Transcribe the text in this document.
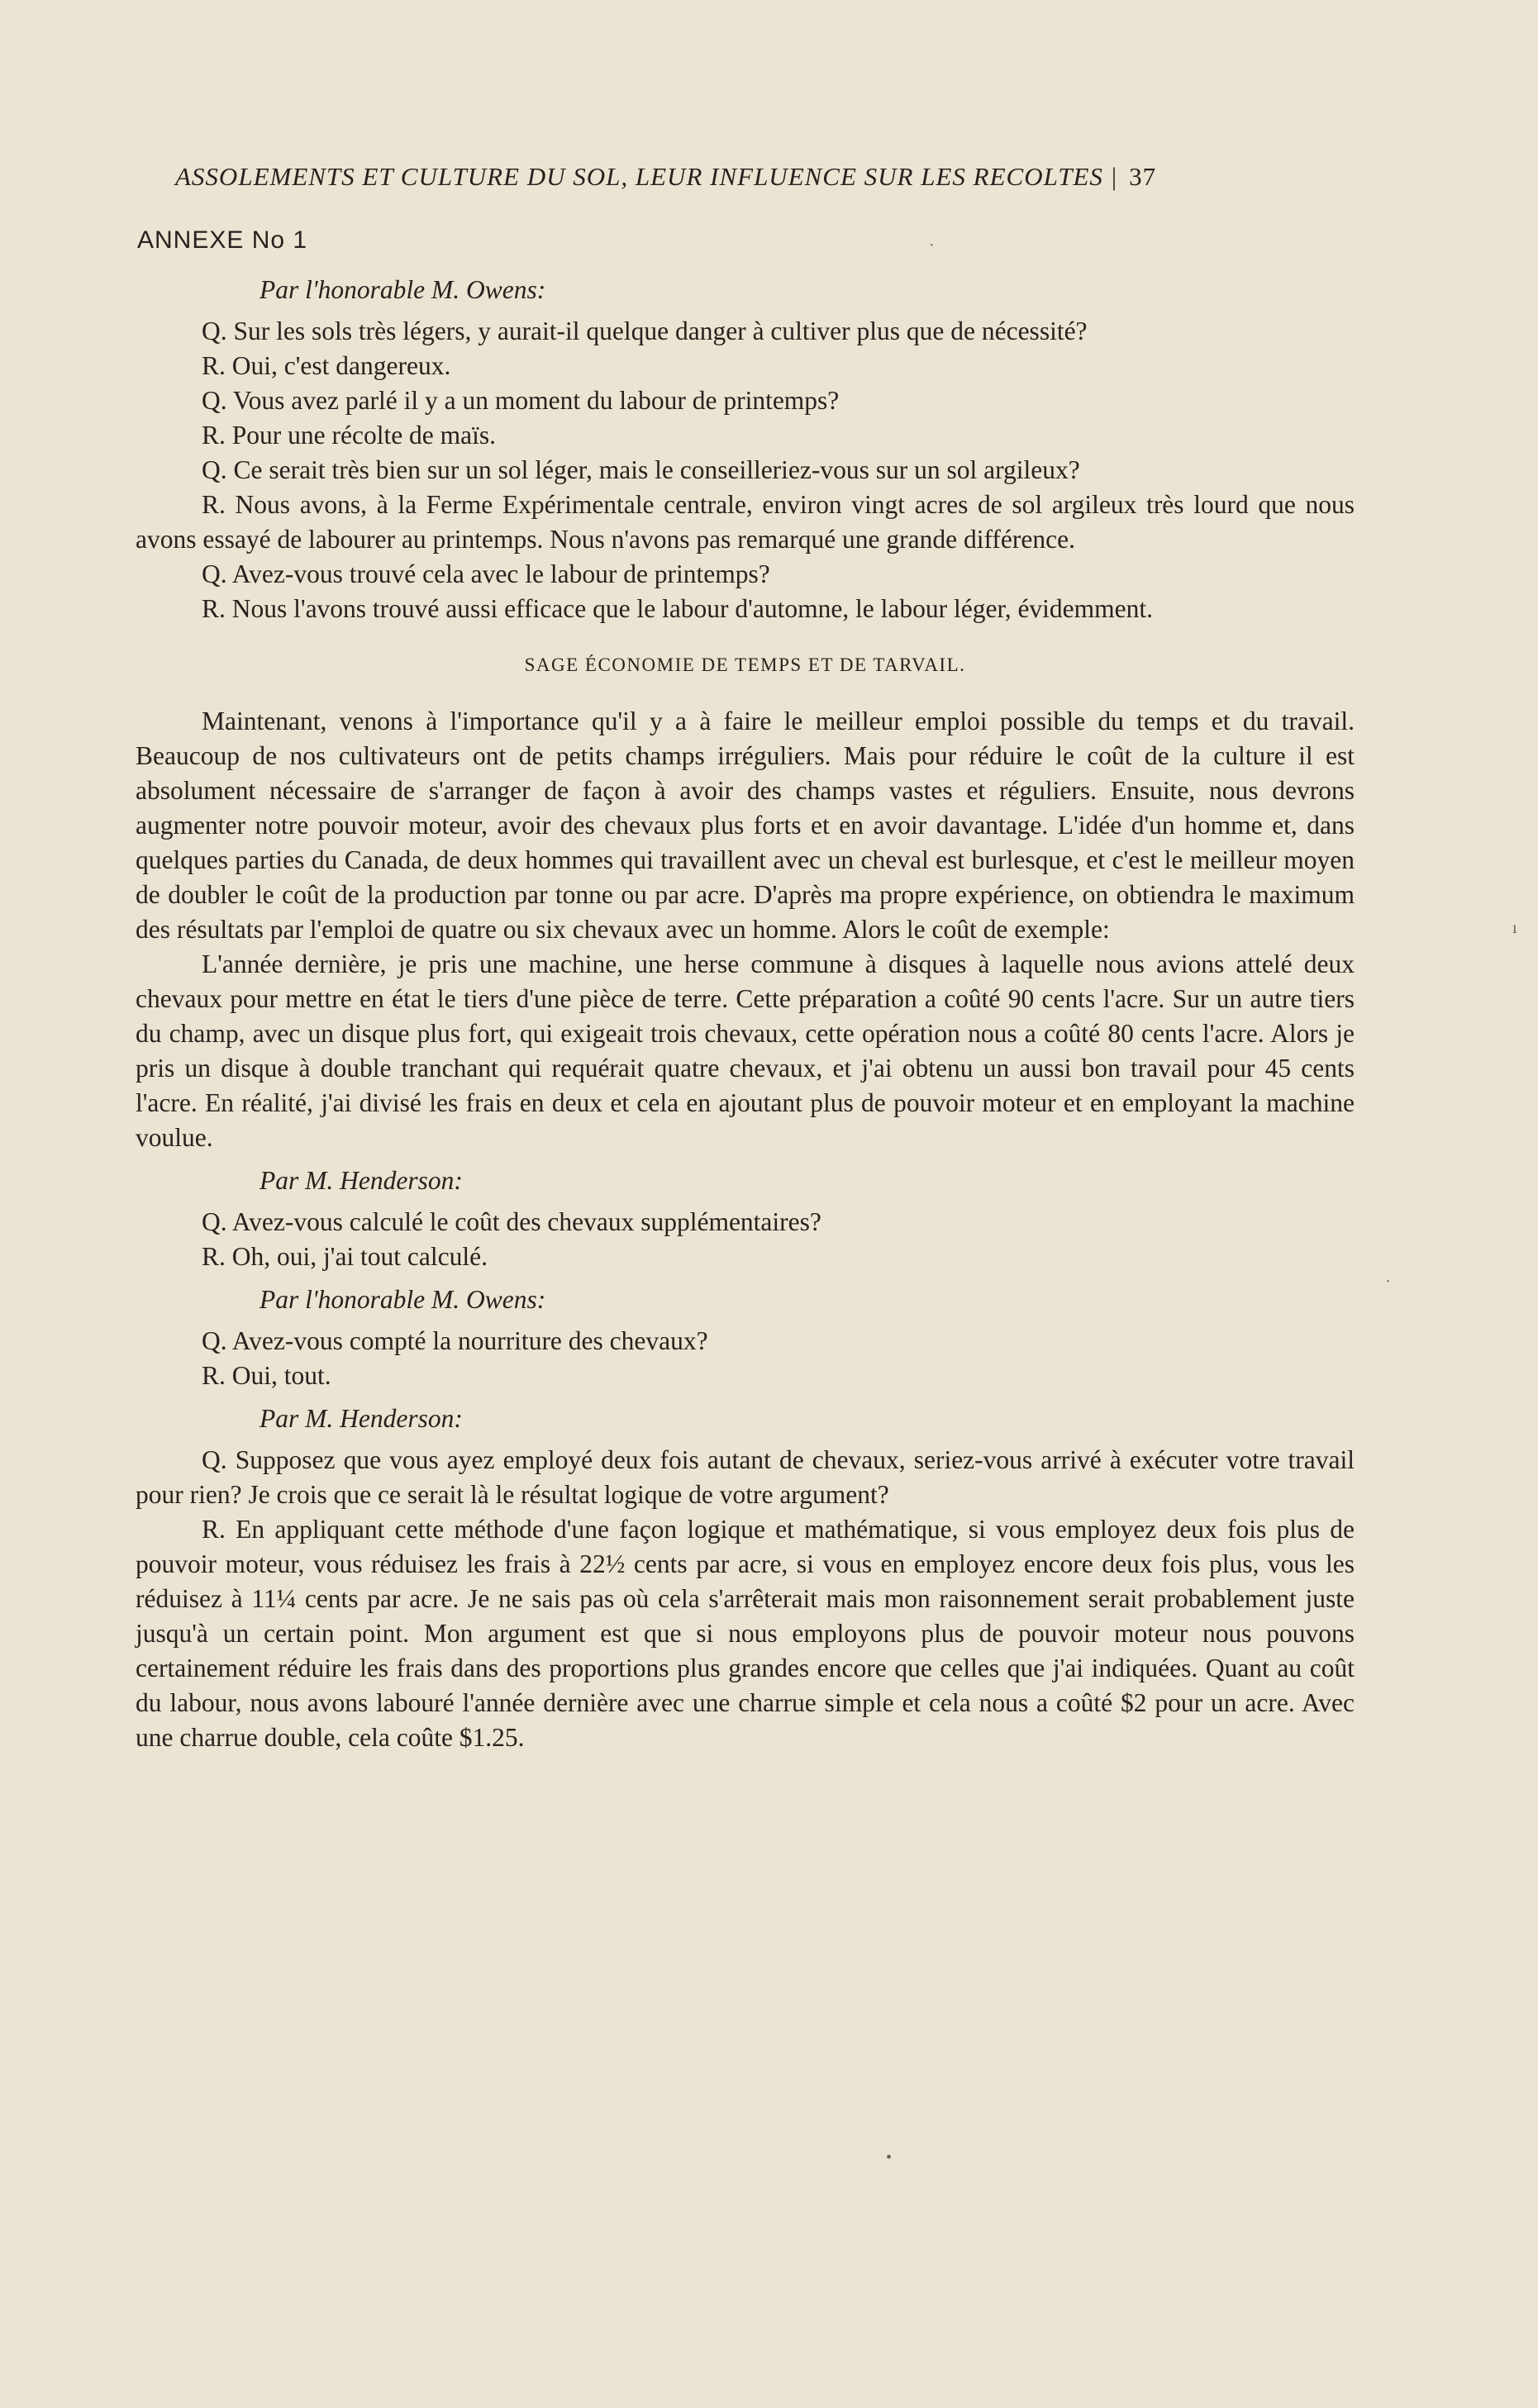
ASSOLEMENTS ET CULTURE DU SOL, LEUR INFLUENCE SUR LES RECOLTES | 37
ANNEXE No 1

Par l'honorable M. Owens:

Q. Sur les sols très légers, y aurait-il quelque danger à cultiver plus que de nécessité?

R. Oui, c'est dangereux.

Q. Vous avez parlé il y a un moment du labour de printemps?

R. Pour une récolte de maïs.

Q. Ce serait très bien sur un sol léger, mais le conseilleriez-vous sur un sol argileux?

R. Nous avons, à la Ferme Expérimentale centrale, environ vingt acres de sol argileux très lourd que nous avons essayé de labourer au printemps. Nous n'avons pas remarqué une grande différence.

Q. Avez-vous trouvé cela avec le labour de printemps?

R. Nous l'avons trouvé aussi efficace que le labour d'automne, le labour léger, évidemment.

SAGE ÉCONOMIE DE TEMPS ET DE TARVAIL.

Maintenant, venons à l'importance qu'il y a à faire le meilleur emploi possible du temps et du travail. Beaucoup de nos cultivateurs ont de petits champs irréguliers. Mais pour réduire le coût de la culture il est absolument nécessaire de s'arranger de façon à avoir des champs vastes et réguliers. Ensuite, nous devrons augmenter notre pouvoir moteur, avoir des chevaux plus forts et en avoir davantage. L'idée d'un homme et, dans quelques parties du Canada, de deux hommes qui travaillent avec un cheval est burlesque, et c'est le meilleur moyen de doubler le coût de la production par tonne ou par acre. D'après ma propre expérience, on obtiendra le maximum des résultats par l'emploi de quatre ou six chevaux avec un homme. Alors le coût de exemple:

L'année dernière, je pris une machine, une herse commune à disques à laquelle nous avions attelé deux chevaux pour mettre en état le tiers d'une pièce de terre. Cette préparation a coûté 90 cents l'acre. Sur un autre tiers du champ, avec un disque plus fort, qui exigeait trois chevaux, cette opération nous a coûté 80 cents l'acre. Alors je pris un disque à double tranchant qui requérait quatre chevaux, et j'ai obtenu un aussi bon travail pour 45 cents l'acre. En réalité, j'ai divisé les frais en deux et cela en ajoutant plus de pouvoir moteur et en employant la machine voulue.

Par M. Henderson:

Q. Avez-vous calculé le coût des chevaux supplémentaires?

R. Oh, oui, j'ai tout calculé.

Par l'honorable M. Owens:

Q. Avez-vous compté la nourriture des chevaux?

R. Oui, tout.

Par M. Henderson:

Q. Supposez que vous ayez employé deux fois autant de chevaux, seriez-vous arrivé à exécuter votre travail pour rien? Je crois que ce serait là le résultat logique de votre argument?

R. En appliquant cette méthode d'une façon logique et mathématique, si vous employez deux fois plus de pouvoir moteur, vous réduisez les frais à 22½ cents par acre, si vous en employez encore deux fois plus, vous les réduisez à 11¼ cents par acre. Je ne sais pas où cela s'arrêterait mais mon raisonnement serait probablement juste jusqu'à un certain point. Mon argument est que si nous employons plus de pouvoir moteur nous pouvons certainement réduire les frais dans des proportions plus grandes encore que celles que j'ai indiquées. Quant au coût du labour, nous avons labouré l'année dernière avec une charrue simple et cela nous a coûté $2 pour un acre. Avec une charrue double, cela coûte $1.25.

·
ı
·
•
